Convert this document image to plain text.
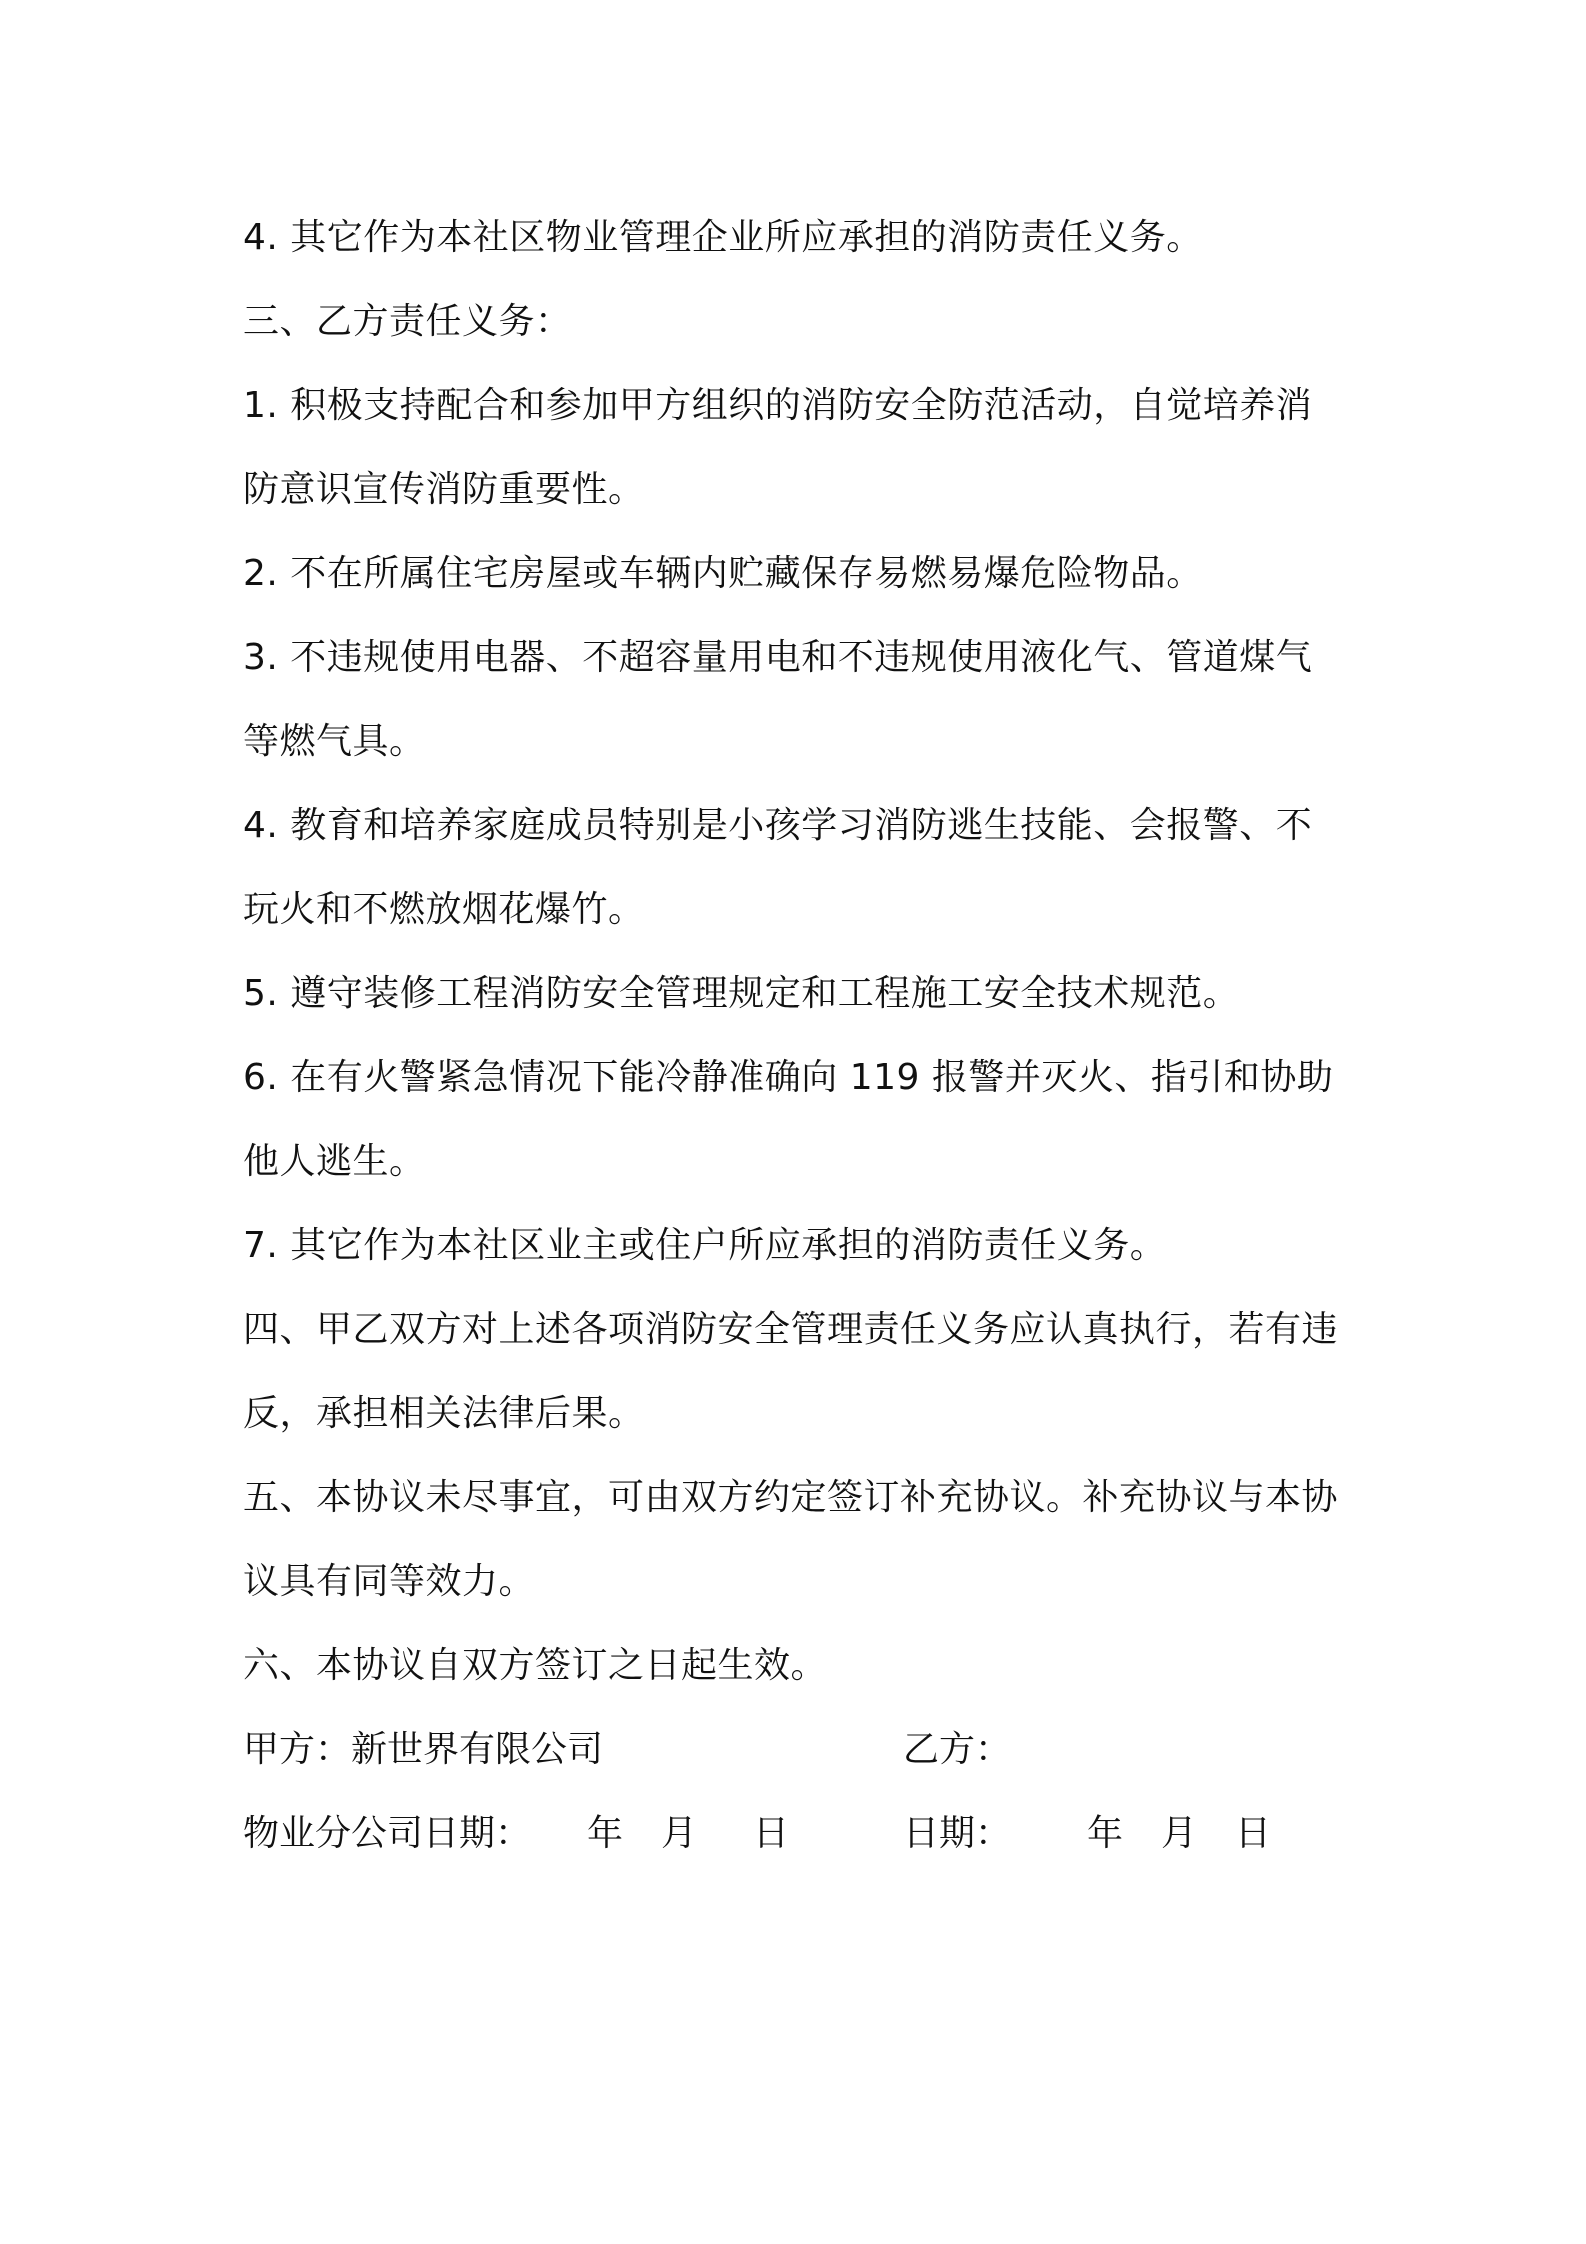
4. 其它作为本社区物业管理企业所应承担的消防责任义务。
三、乙方责任义务：
1. 积极支持配合和参加甲方组织的消防安全防范活动，自觉培养消
防意识宣传消防重要性。
2. 不在所属住宅房屋或车辆内贮藏保存易燃易爆危险物品。
3. 不违规使用电器、不超容量用电和不违规使用液化气、管道煤气
等燃气具。
4. 教育和培养家庭成员特别是小孩学习消防逃生技能、会报警、不
玩火和不燃放烟花爆竹。
5. 遵守装修工程消防安全管理规定和工程施工安全技术规范。
6. 在有火警紧急情况下能冷静准确向 119 报警并灭火、指引和协助
他人逃生。
7. 其它作为本社区业主或住户所应承担的消防责任义务。
四、甲乙双方对上述各项消防安全管理责任义务应认真执行，若有违
反，承担相关法律后果。
五、本协议未尽事宜，可由双方约定签订补充协议。补充协议与本协
议具有同等效力。
六、本协议自双方签订之日起生效。
甲方：新世界有限公司	乙方：
物业分公司日期： 年 月 日	日期： 年 月 日
